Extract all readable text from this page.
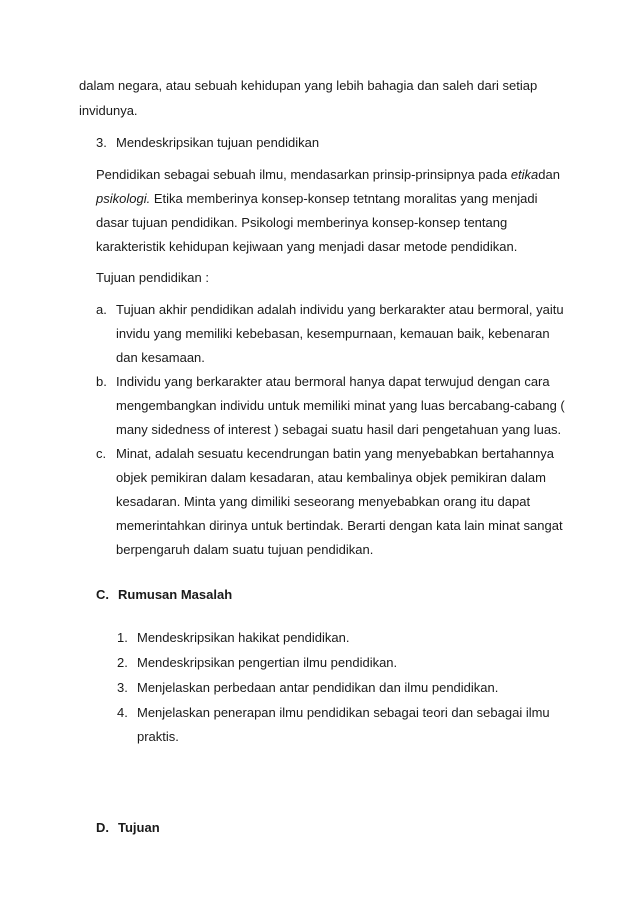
dalam negara, atau sebuah kehidupan yang lebih bahagia dan saleh dari setiap
invidunya.
3. Mendeskripsikan tujuan pendidikan
Pendidikan sebagai sebuah ilmu, mendasarkan prinsip-prinsipnya pada etikadan
psikologi. Etika memberinya konsep-konsep tetntang moralitas yang menjadi
dasar tujuan pendidikan. Psikologi memberinya konsep-konsep tentang
karakteristik kehidupan kejiwaan yang menjadi dasar metode pendidikan.
Tujuan pendidikan :
a. Tujuan akhir pendidikan adalah individu yang berkarakter atau bermoral, yaitu
invidu yang memiliki kebebasan, kesempurnaan, kemauan baik, kebenaran
dan kesamaan.
b. Individu yang berkarakter atau bermoral hanya dapat terwujud dengan cara
mengembangkan individu untuk memiliki minat yang luas bercabang-cabang (
many sidedness of interest ) sebagai suatu hasil dari pengetahuan yang luas.
c. Minat, adalah sesuatu kecendrungan batin yang menyebabkan bertahannya
objek pemikiran dalam kesadaran, atau kembalinya objek pemikiran dalam
kesadaran. Minta yang dimiliki seseorang menyebabkan orang itu dapat
memerintahkan dirinya untuk bertindak. Berarti dengan kata lain minat sangat
berpengaruh dalam suatu tujuan pendidikan.
C. Rumusan Masalah
1. Mendeskripsikan hakikat pendidikan.
2. Mendeskripsikan pengertian ilmu pendidikan.
3. Menjelaskan perbedaan antar pendidikan dan ilmu pendidikan.
4. Menjelaskan penerapan ilmu pendidikan sebagai teori dan sebagai ilmu
praktis.
D. Tujuan
